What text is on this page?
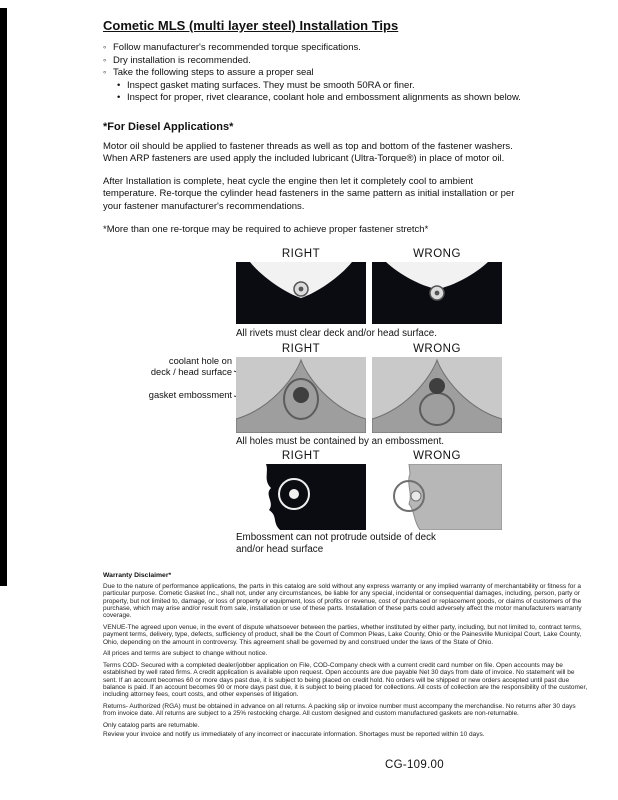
Cometic MLS (multi layer steel) Installation Tips
◦ Follow manufacturer's recommended torque specifications.
◦ Dry installation is recommended.
◦ Take the following steps to assure a proper seal
• Inspect gasket mating surfaces. They must be smooth 50RA or finer.
• Inspect for proper, rivet clearance, coolant hole and embossment alignments as shown below.
*For Diesel Applications*

Motor oil should be applied to fastener threads as well as top and bottom of the fastener washers. When ARP fasteners are used apply the included lubricant (Ultra-Torque®) in place of motor oil.

After Installation is complete, heat cycle the engine then let it completely cool to ambient temperature. Re-torque the cylinder head fasteners in the same pattern as initial installation or per your fastener manufacturer's recommendations.

*More than one re-torque may be required to achieve proper fastener stretch*

RIGHT	WRONG
All rivets must clear deck and/or head surface.
RIGHT	WRONG
coolant hole on
deck / head surface
gasket embossment
All holes must be contained by an embossment.
RIGHT	WRONG
Embossment can not protrude outside of deck
and/or head surface
Warranty Disclaimer*

Due to the nature of performance applications, the parts in this catalog are sold without any express warranty or any implied warranty of merchantability or fitness for a particular purpose. Cometic Gasket Inc., shall not, under any circumstances, be liable for any special, incidental or consequential damages, including, person, party or property, but not limited to, damage, or loss of property or equipment, loss of profits or revenue, cost of purchased or replacement goods, or claims of customers of the purchase, which may arise and/or result from sale, installation or use of these parts. Installation of these parts could adversely affect the motor manufacturers warranty coverage.

VENUE-The agreed upon venue, in the event of dispute whatsoever between the parties, whether instituted by either party, including, but not limited to, contract terms, payment terms, delivery, type, defects, sufficiency of product, shall be the Court of Common Pleas, Lake County, Ohio or the Painesville Municipal Court, Lake County, Ohio, depending on the amount in controversy. This agreement shall be governed by and construed under the laws of the State of Ohio.

All prices and terms are subject to change without notice.

Terms COD- Secured with a completed dealer/jobber application on File, COD-Company check with a current credit card number on file. Open accounts may be established by well rated firms. A credit application is available upon request. Open accounts are due payable Net 30 days from date of invoice. No statement will be sent. If an account becomes 60 or more days past due, it is subject to being placed on credit hold. No orders will be shipped or new orders accepted until past due balance is paid. If an account becomes 90 or more days past due, it is subject to being placed for collections. All costs of collection are the responsibility of the customer, including attorney fees, court costs, and other expenses of litigation.

Returns- Authorized (RGA) must be obtained in advance on all returns. A packing slip or invoice number must accompany the merchandise. No returns after 30 days from invoice date. All returns are subject to a 25% restocking charge. All custom designed and custom manufactured gaskets are non-returnable.

Only catalog parts are returnable.

Review your invoice and notify us immediately of any incorrect or inaccurate information. Shortages must be reported within 10 days.

CG-109.00
